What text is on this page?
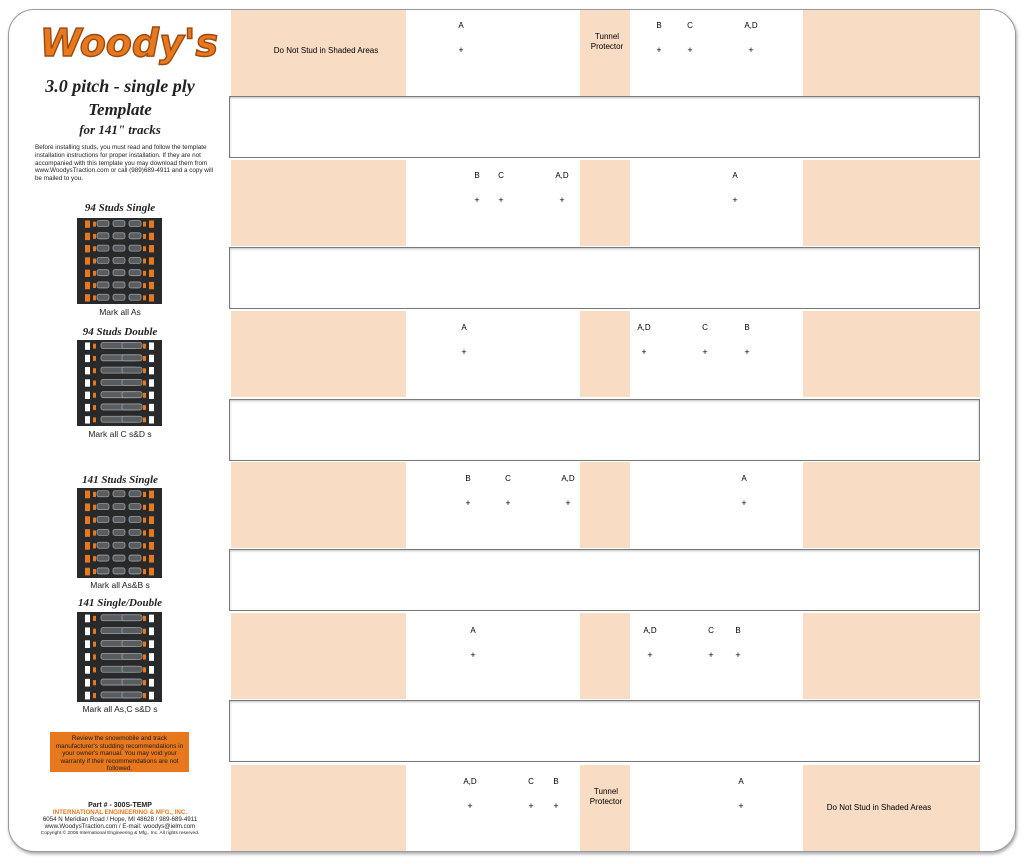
Woody's
3.0 pitch - single ply
Template
for 141" tracks
Before installing studs, you must read and follow the template installation instructions for proper installation. If they are not accompanied with this template you may download them from www.WoodysTraction.com or call (989)689-4911 and a copy will be mailed to you.
94 Studs Single
Mark all As
94 Studs Double
Mark all C s&D s
141 Studs Single
Mark all As&B s
141 Single/Double
Mark all As,C s&D s
Review the snowmobile and track manufacturer's studding recommendations in your owner's manual. You may void your warranty if their recommendations are not followed.
Part # - 300S-TEMP
INTERNATIONAL ENGINEERING & MFG., INC.
6054 N Meridian Road / Hope, MI 48628 / 989-689-4911
www.WoodysTraction.com / E-mail: woodys@ielm.com
Copyright © 2006 International Engineering & Mfg., Inc. All rights reserved.
Do Not Stud in Shaded Areas
Do Not Stud in Shaded Areas
Tunnel
Protector
Tunnel
Protector
A
+
B
+
C
+
A,D
+
B
+
C
+
A,D
+
A
+
A
+
A,D
+
C
+
B
+
B
+
C
+
A,D
+
A
+
A
+
A,D
+
C
+
B
+
A,D
+
C
+
B
+
A
+
